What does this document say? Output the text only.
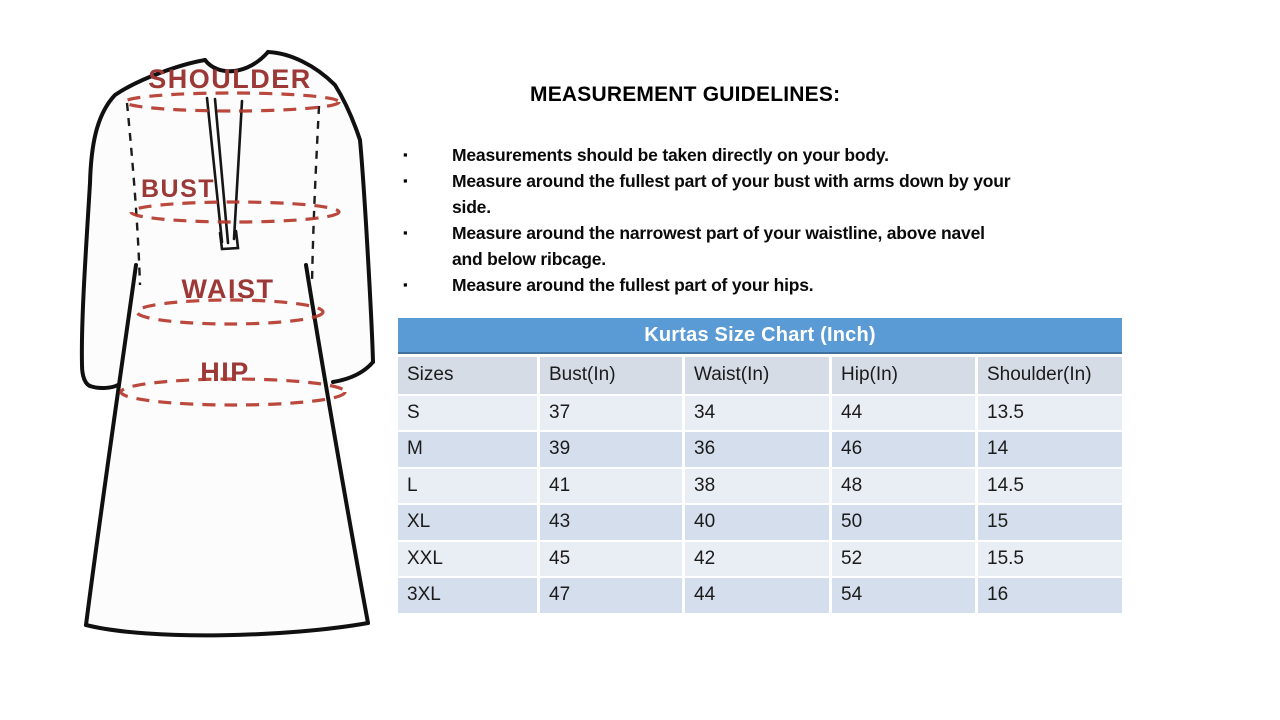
SHOULDER
BUST
WAIST
HIP
MEASUREMENT GUIDELINES:
▪	Measurements should be taken directly on your body.
▪	Measure around the fullest part of your bust with arms down by your
side.
▪	Measure around the narrowest part of your waistline, above navel
and below ribcage.
▪	Measure around the fullest part of your hips.
Kurtas Size Chart (Inch)
Sizes	Bust(In)	Waist(In)	Hip(In)	Shoulder(In)
S	37	34	44	13.5
M	39	36	46	14
L	41	38	48	14.5
XL	43	40	50	15
XXL	45	42	52	15.5
3XL	47	44	54	16
